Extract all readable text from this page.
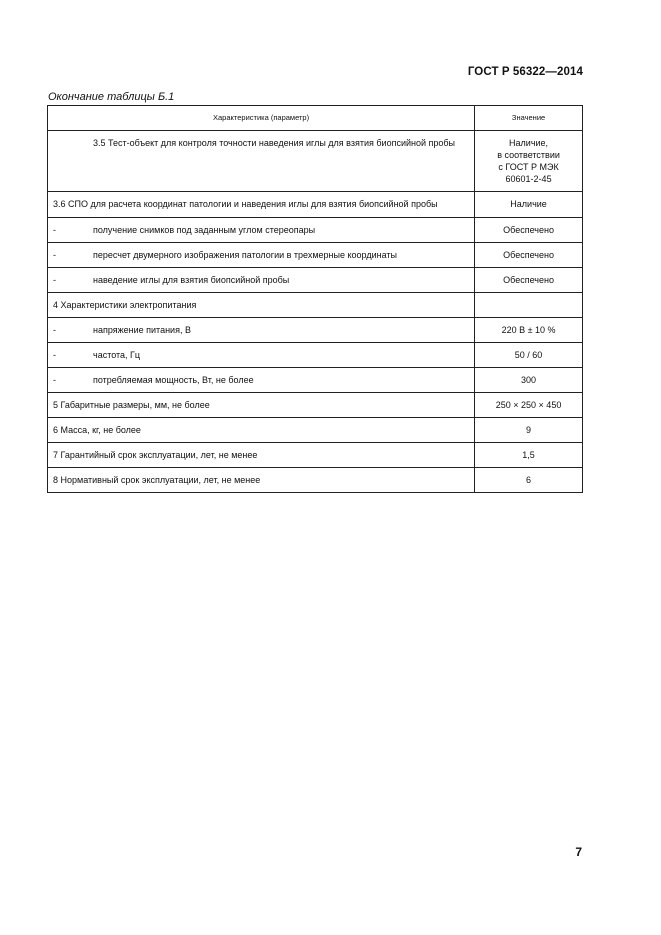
ГОСТ Р 56322—2014
Окончание таблицы Б.1
Характеристика (параметр)	Значение
3.5 Тест-объект для контроля точности наведения иглы для взятия биопсийной пробы	Наличие,
в соответствии
с ГОСТ Р МЭК
60601-2-45

3.6 СПО для расчета координат патологии и наведения иглы для взятия биопсийной пробы	Наличие

- получение снимков под заданным углом стереопары	Обеспечено

- пересчет двумерного изображения патологии в трехмерные координаты	Обеспечено

- наведение иглы для взятия биопсийной пробы	Обеспечено

4 Характеристики электропитания	

- напряжение питания, В	220 В ± 10 %

- частота, Гц	50 / 60

- потребляемая мощность, Вт, не более	300

5 Габаритные размеры, мм, не более	250 × 250 × 450

6 Масса, кг, не более	9

7 Гарантийный срок эксплуатации, лет, не менее	1,5

8 Нормативный срок эксплуатации, лет, не менее	6
7
